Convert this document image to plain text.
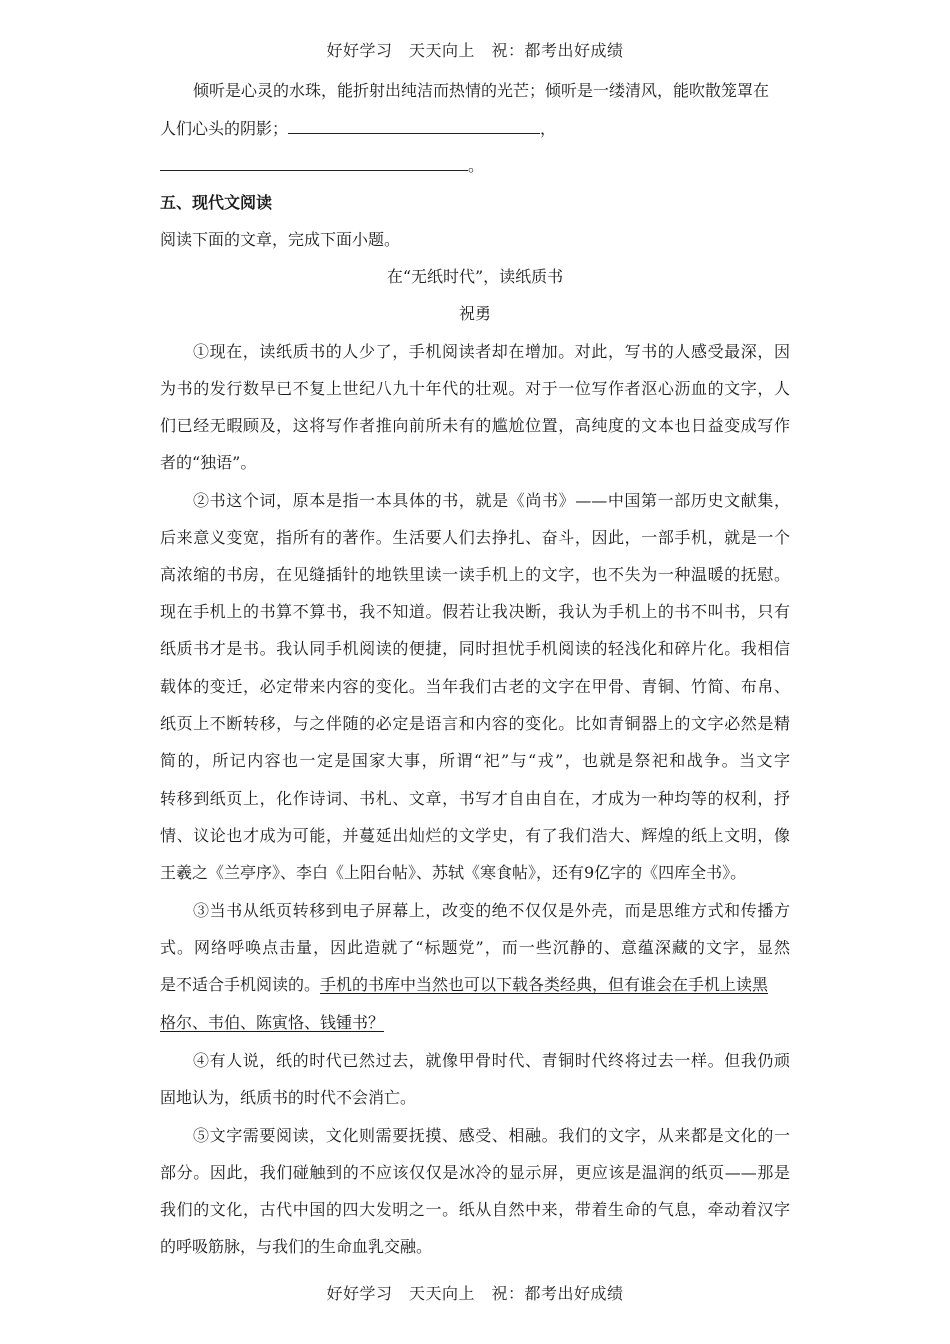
好好学习　天天向上　祝：都考出好成绩
倾听是心灵的水珠，能折射出纯洁而热情的光芒；倾听是一缕清风，能吹散笼罩在
人们心头的阴影；	，
。
五、现代文阅读
阅读下面的文章，完成下面小题。
在“无纸时代”，读纸质书
祝勇
①现在，读纸质书的人少了，手机阅读者却在增加。对此，写书的人感受最深，因
为书的发行数早已不复上世纪八九十年代的壮观。对于一位写作者沤心沥血的文字，人
们已经无暇顾及，这将写作者推向前所未有的尴尬位置，高纯度的文本也日益变成写作
者的“独语”。
②书这个词，原本是指一本具体的书，就是《尚书》——中国第一部历史文献集，
后来意义变宽，指所有的著作。生活要人们去挣扎、奋斗，因此，一部手机，就是一个
高浓缩的书房，在见缝插针的地铁里读一读手机上的文字，也不失为一种温暖的抚慰。
现在手机上的书算不算书，我不知道。假若让我决断，我认为手机上的书不叫书，只有
纸质书才是书。我认同手机阅读的便捷，同时担忧手机阅读的轻浅化和碎片化。我相信
载体的变迁，必定带来内容的变化。当年我们古老的文字在甲骨、青铜、竹简、布帛、
纸页上不断转移，与之伴随的必定是语言和内容的变化。比如青铜器上的文字必然是精
简的，所记内容也一定是国家大事，所谓“祀”与“戎”，也就是祭祀和战争。当文字
转移到纸页上，化作诗词、书札、文章，书写才自由自在，才成为一种均等的权利，抒
情、议论也才成为可能，并蔓延出灿烂的文学史，有了我们浩大、辉煌的纸上文明，像
王羲之《兰亭序》、李白《上阳台帖》、苏轼《寒食帖》，还有9亿字的《四库全书》。
③当书从纸页转移到电子屏幕上，改变的绝不仅仅是外壳，而是思维方式和传播方
式。网络呼唤点击量，因此造就了“标题党”，而一些沉静的、意蕴深藏的文字，显然
是不适合手机阅读的。手机的书库中当然也可以下载各类经典，但有谁会在手机上读黑
格尔、韦伯、陈寅恪、钱锺书？
④有人说，纸的时代已然过去，就像甲骨时代、青铜时代终将过去一样。但我仍顽
固地认为，纸质书的时代不会消亡。
⑤文字需要阅读，文化则需要抚摸、感受、相融。我们的文字，从来都是文化的一
部分。因此，我们碰触到的不应该仅仅是冰冷的显示屏，更应该是温润的纸页——那是
我们的文化，古代中国的四大发明之一。纸从自然中来，带着生命的气息，牵动着汉字
的呼吸筋脉，与我们的生命血乳交融。
好好学习　天天向上　祝：都考出好成绩
